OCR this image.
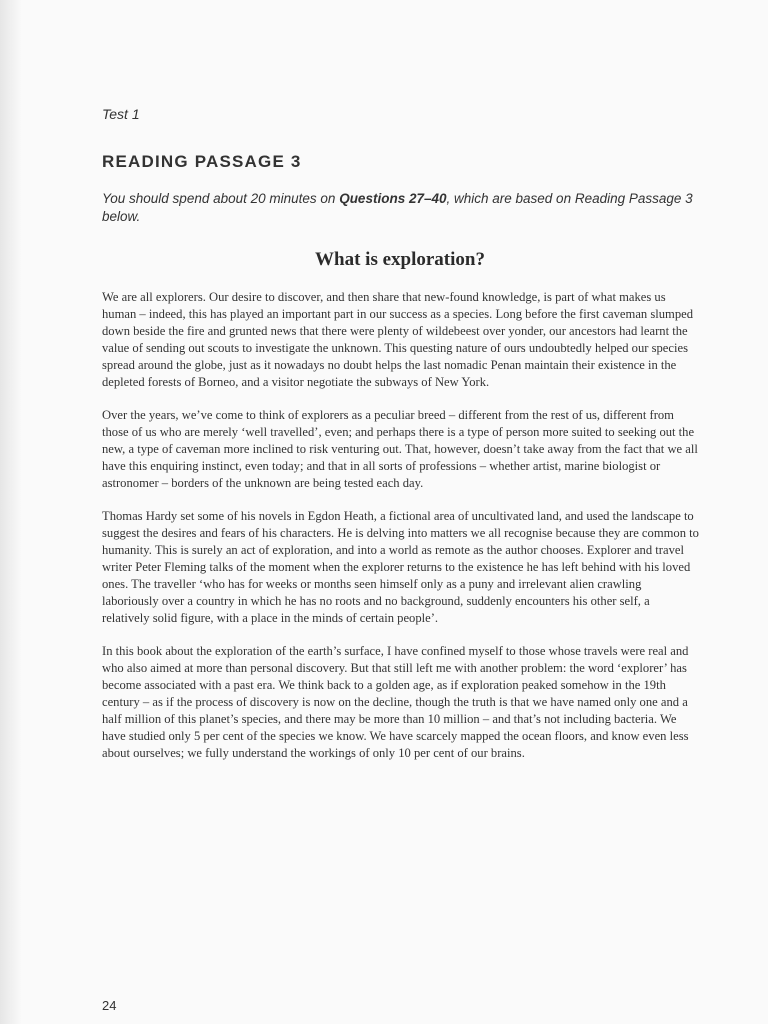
Test 1
READING PASSAGE 3
You should spend about 20 minutes on Questions 27–40, which are based on Reading Passage 3 below.
What is exploration?

We are all explorers. Our desire to discover, and then share that new-found knowledge, is part of what makes us human – indeed, this has played an important part in our success as a species. Long before the first caveman slumped down beside the fire and grunted news that there were plenty of wildebeest over yonder, our ancestors had learnt the value of sending out scouts to investigate the unknown. This questing nature of ours undoubtedly helped our species spread around the globe, just as it nowadays no doubt helps the last nomadic Penan maintain their existence in the depleted forests of Borneo, and a visitor negotiate the subways of New York.

Over the years, we’ve come to think of explorers as a peculiar breed – different from the rest of us, different from those of us who are merely ‘well travelled’, even; and perhaps there is a type of person more suited to seeking out the new, a type of caveman more inclined to risk venturing out. That, however, doesn’t take away from the fact that we all have this enquiring instinct, even today; and that in all sorts of professions – whether artist, marine biologist or astronomer – borders of the unknown are being tested each day.

Thomas Hardy set some of his novels in Egdon Heath, a fictional area of uncultivated land, and used the landscape to suggest the desires and fears of his characters. He is delving into matters we all recognise because they are common to humanity. This is surely an act of exploration, and into a world as remote as the author chooses. Explorer and travel writer Peter Fleming talks of the moment when the explorer returns to the existence he has left behind with his loved ones. The traveller ‘who has for weeks or months seen himself only as a puny and irrelevant alien crawling laboriously over a country in which he has no roots and no background, suddenly encounters his other self, a relatively solid figure, with a place in the minds of certain people’.

In this book about the exploration of the earth’s surface, I have confined myself to those whose travels were real and who also aimed at more than personal discovery. But that still left me with another problem: the word ‘explorer’ has become associated with a past era. We think back to a golden age, as if exploration peaked somehow in the 19th century – as if the process of discovery is now on the decline, though the truth is that we have named only one and a half million of this planet’s species, and there may be more than 10 million – and that’s not including bacteria. We have studied only 5 per cent of the species we know. We have scarcely mapped the ocean floors, and know even less about ourselves; we fully understand the workings of only 10 per cent of our brains.

24
